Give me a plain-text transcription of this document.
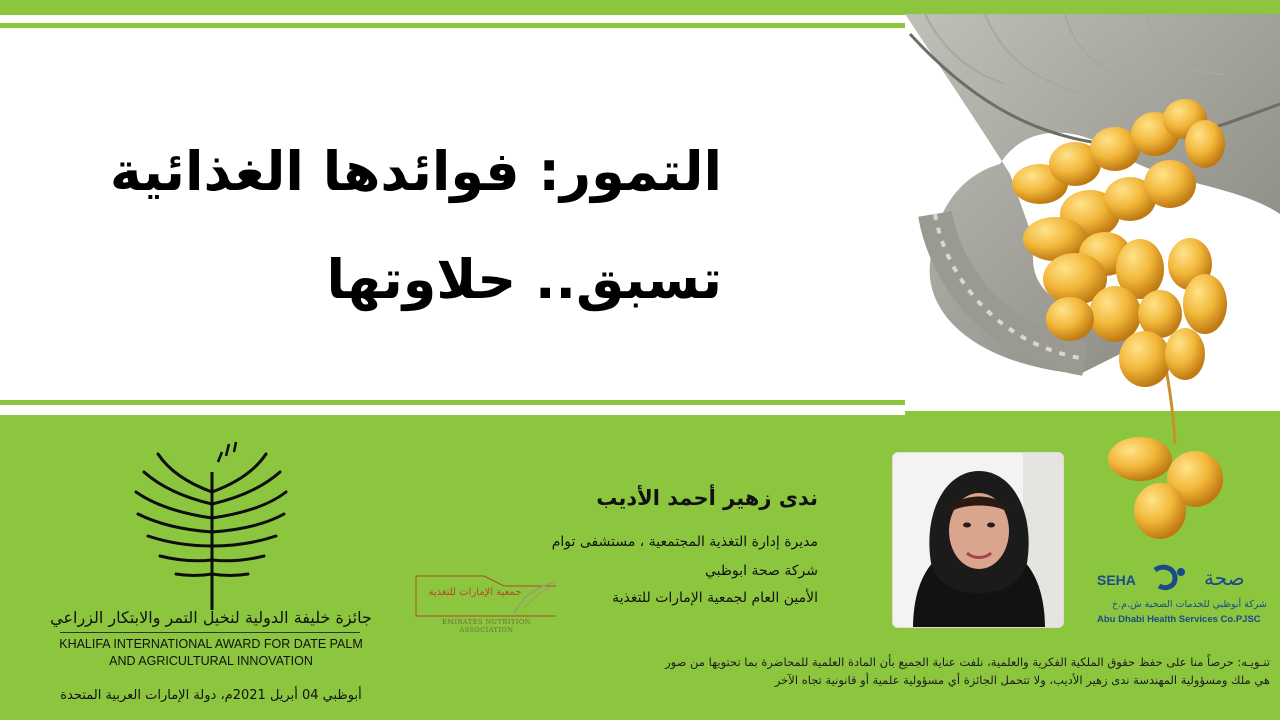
التمور: فوائدها الغذائية
تسبق.. حلاوتها
ندى زهير أحمد الأديب
مديرة إدارة التغذية المجتمعية ، مستشفى توام
شركة صحة ابوظبي
الأمين العام لجمعية الإمارات للتغذية
جمعية الإمارات للتغذية
EMIRATES NUTRITION ASSOCIATION
SEHA	صحة
شركة أبوظبي للخدمات الصحية ش.م.خ
Abu Dhabi Health Services Co.PJSC
جائزة خليفة الدولية لنخيل التمر والابتكار الزراعي
KHALIFA INTERNATIONAL AWARD FOR DATE PALM
AND AGRICULTURAL INNOVATION
أبوظبي 04 أبريل 2021م، دولة الإمارات العربية المتحدة
تنـويـه: حرصاً منا على حفظ حقوق الملكية الفكرية والعلمية، نلفت عناية الجميع بأن المادة العلمية للمحاضرة بما تحتويها من صور
هي ملك ومسؤولية المهندسة ندى زهير الأديب، ولا تتحمل الجائزة أي مسؤولية علمية أو قانونية تجاه الآخر
